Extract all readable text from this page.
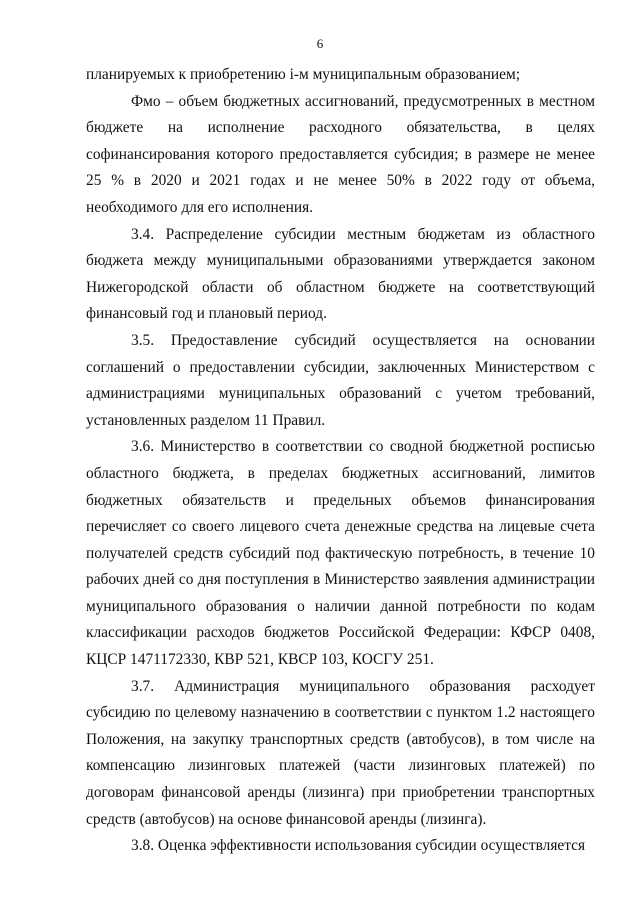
6

планируемых к приобретению i-м муниципальным образованием;

Фмо – объем бюджетных ассигнований, предусмотренных в местном бюджете на исполнение расходного обязательства, в целях софинансирования которого предоставляется субсидия; в размере не менее 25 % в 2020 и 2021 годах и не менее 50% в 2022 году от объема, необходимого для его исполнения.

3.4. Распределение субсидии местным бюджетам из областного бюджета между муниципальными образованиями утверждается законом Нижегородской области об областном бюджете на соответствующий финансовый год и плановый период.

3.5. Предоставление субсидий осуществляется на основании соглашений о предоставлении субсидии, заключенных Министерством с администрациями муниципальных образований с учетом требований, установленных разделом 11 Правил.

3.6. Министерство в соответствии со сводной бюджетной росписью областного бюджета, в пределах бюджетных ассигнований, лимитов бюджетных обязательств и предельных объемов финансирования перечисляет со своего лицевого счета денежные средства на лицевые счета получателей средств субсидий под фактическую потребность, в течение 10 рабочих дней со дня поступления в Министерство заявления администрации муниципального образования о наличии данной потребности по кодам классификации расходов бюджетов Российской Федерации: КФСР 0408, КЦСР 1471172330, КВР 521, КВСР 103, КОСГУ 251.

3.7. Администрация муниципального образования расходует субсидию по целевому назначению в соответствии с пунктом 1.2 настоящего Положения, на закупку транспортных средств (автобусов), в том числе на компенсацию лизинговых платежей (части лизинговых платежей) по договорам финансовой аренды (лизинга) при приобретении транспортных средств (автобусов) на основе финансовой аренды (лизинга).

3.8. Оценка эффективности использования субсидии осуществляется
